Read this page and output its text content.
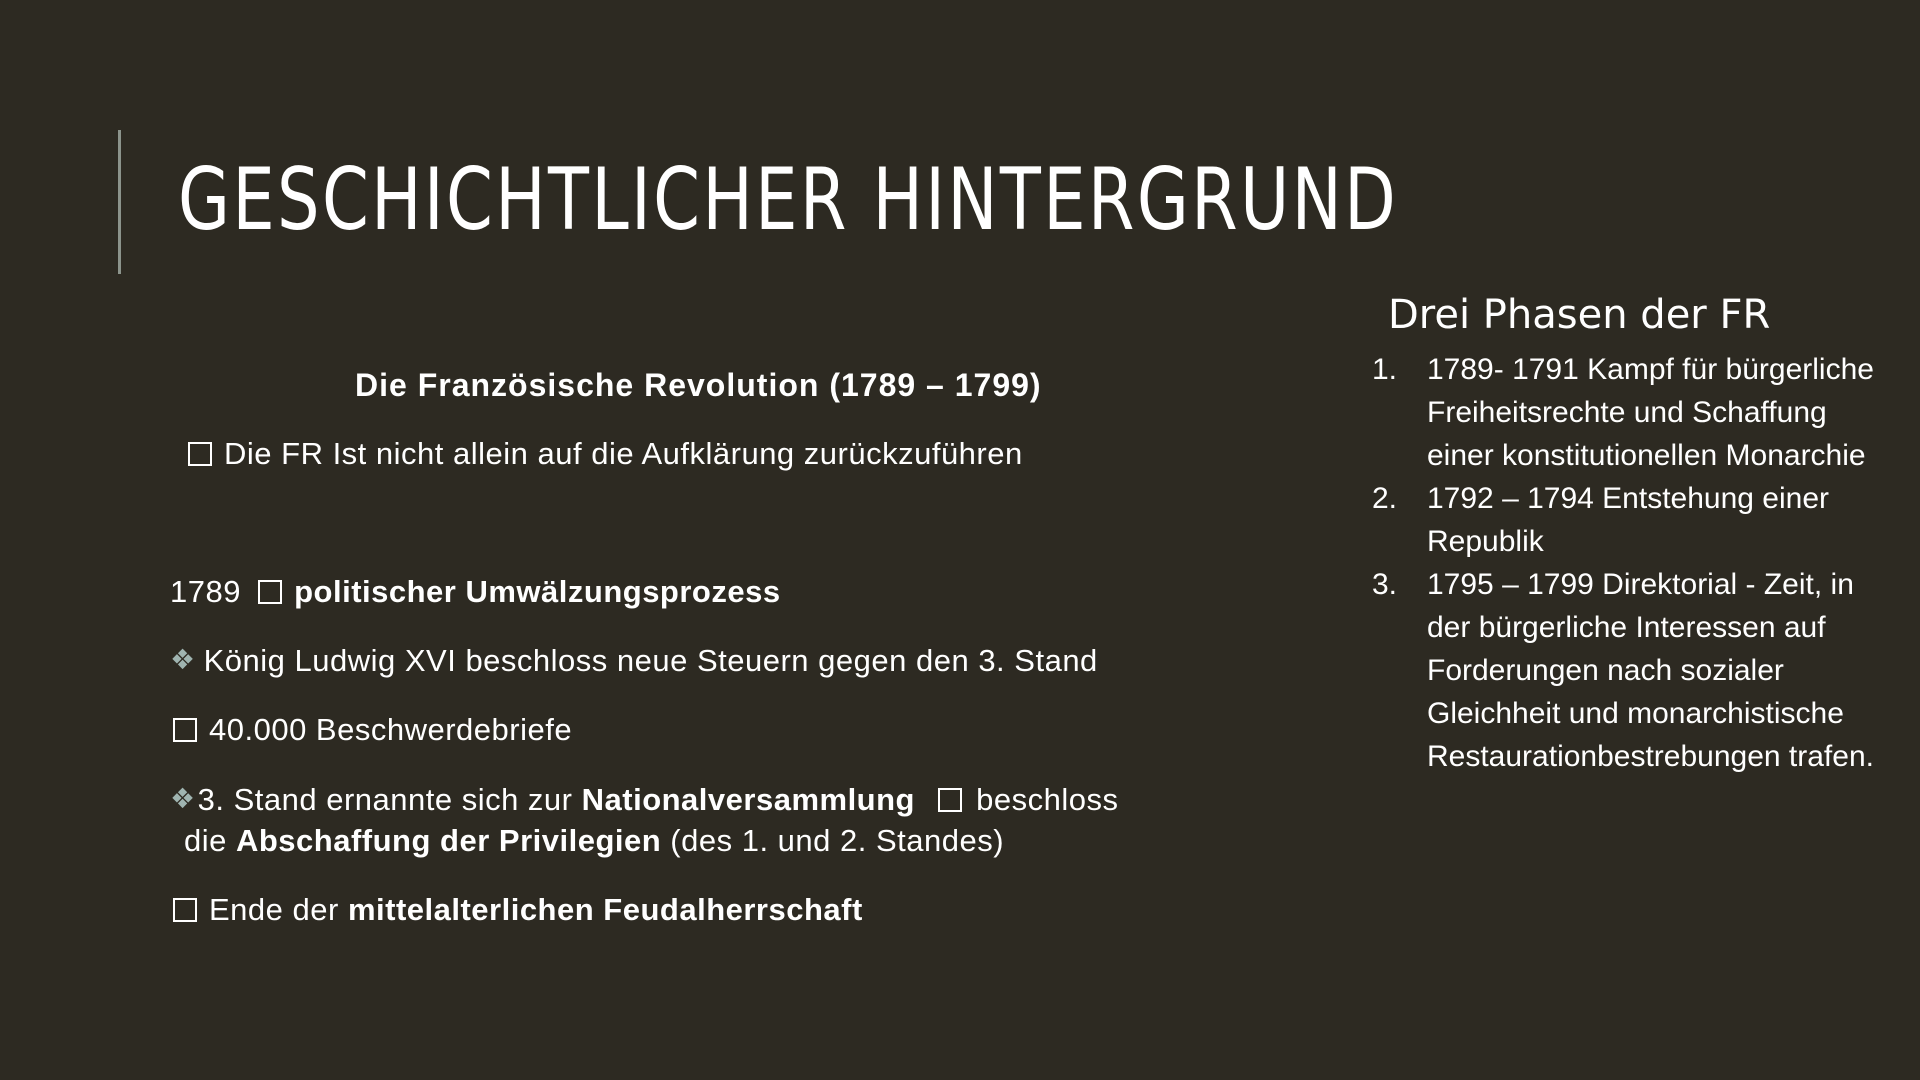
GESCHICHTLICHER HINTERGRUND
Die Französische Revolution (1789 – 1799)
Die FR Ist nicht allein auf die Aufklärung zurückzuführen
1789 politischer Umwälzungsprozess
❖ König Ludwig XVI beschloss neue Steuern gegen den 3. Stand
40.000 Beschwerdebriefe
❖3. Stand ernannte sich zur Nationalversammlung beschloss
die Abschaffung der Privilegien (des 1. und 2. Standes)
Ende der mittelalterlichen Feudalherrschaft
Drei Phasen der FR
1. 1789- 1791 Kampf für bürgerliche Freiheitsrechte und Schaffung einer konstitutionellen Monarchie
2. 1792 – 1794 Entstehung einer Republik
3. 1795 – 1799 Direktorial - Zeit, in der bürgerliche Interessen auf Forderungen nach sozialer Gleichheit und monarchistische Restaurationbestrebungen trafen.
